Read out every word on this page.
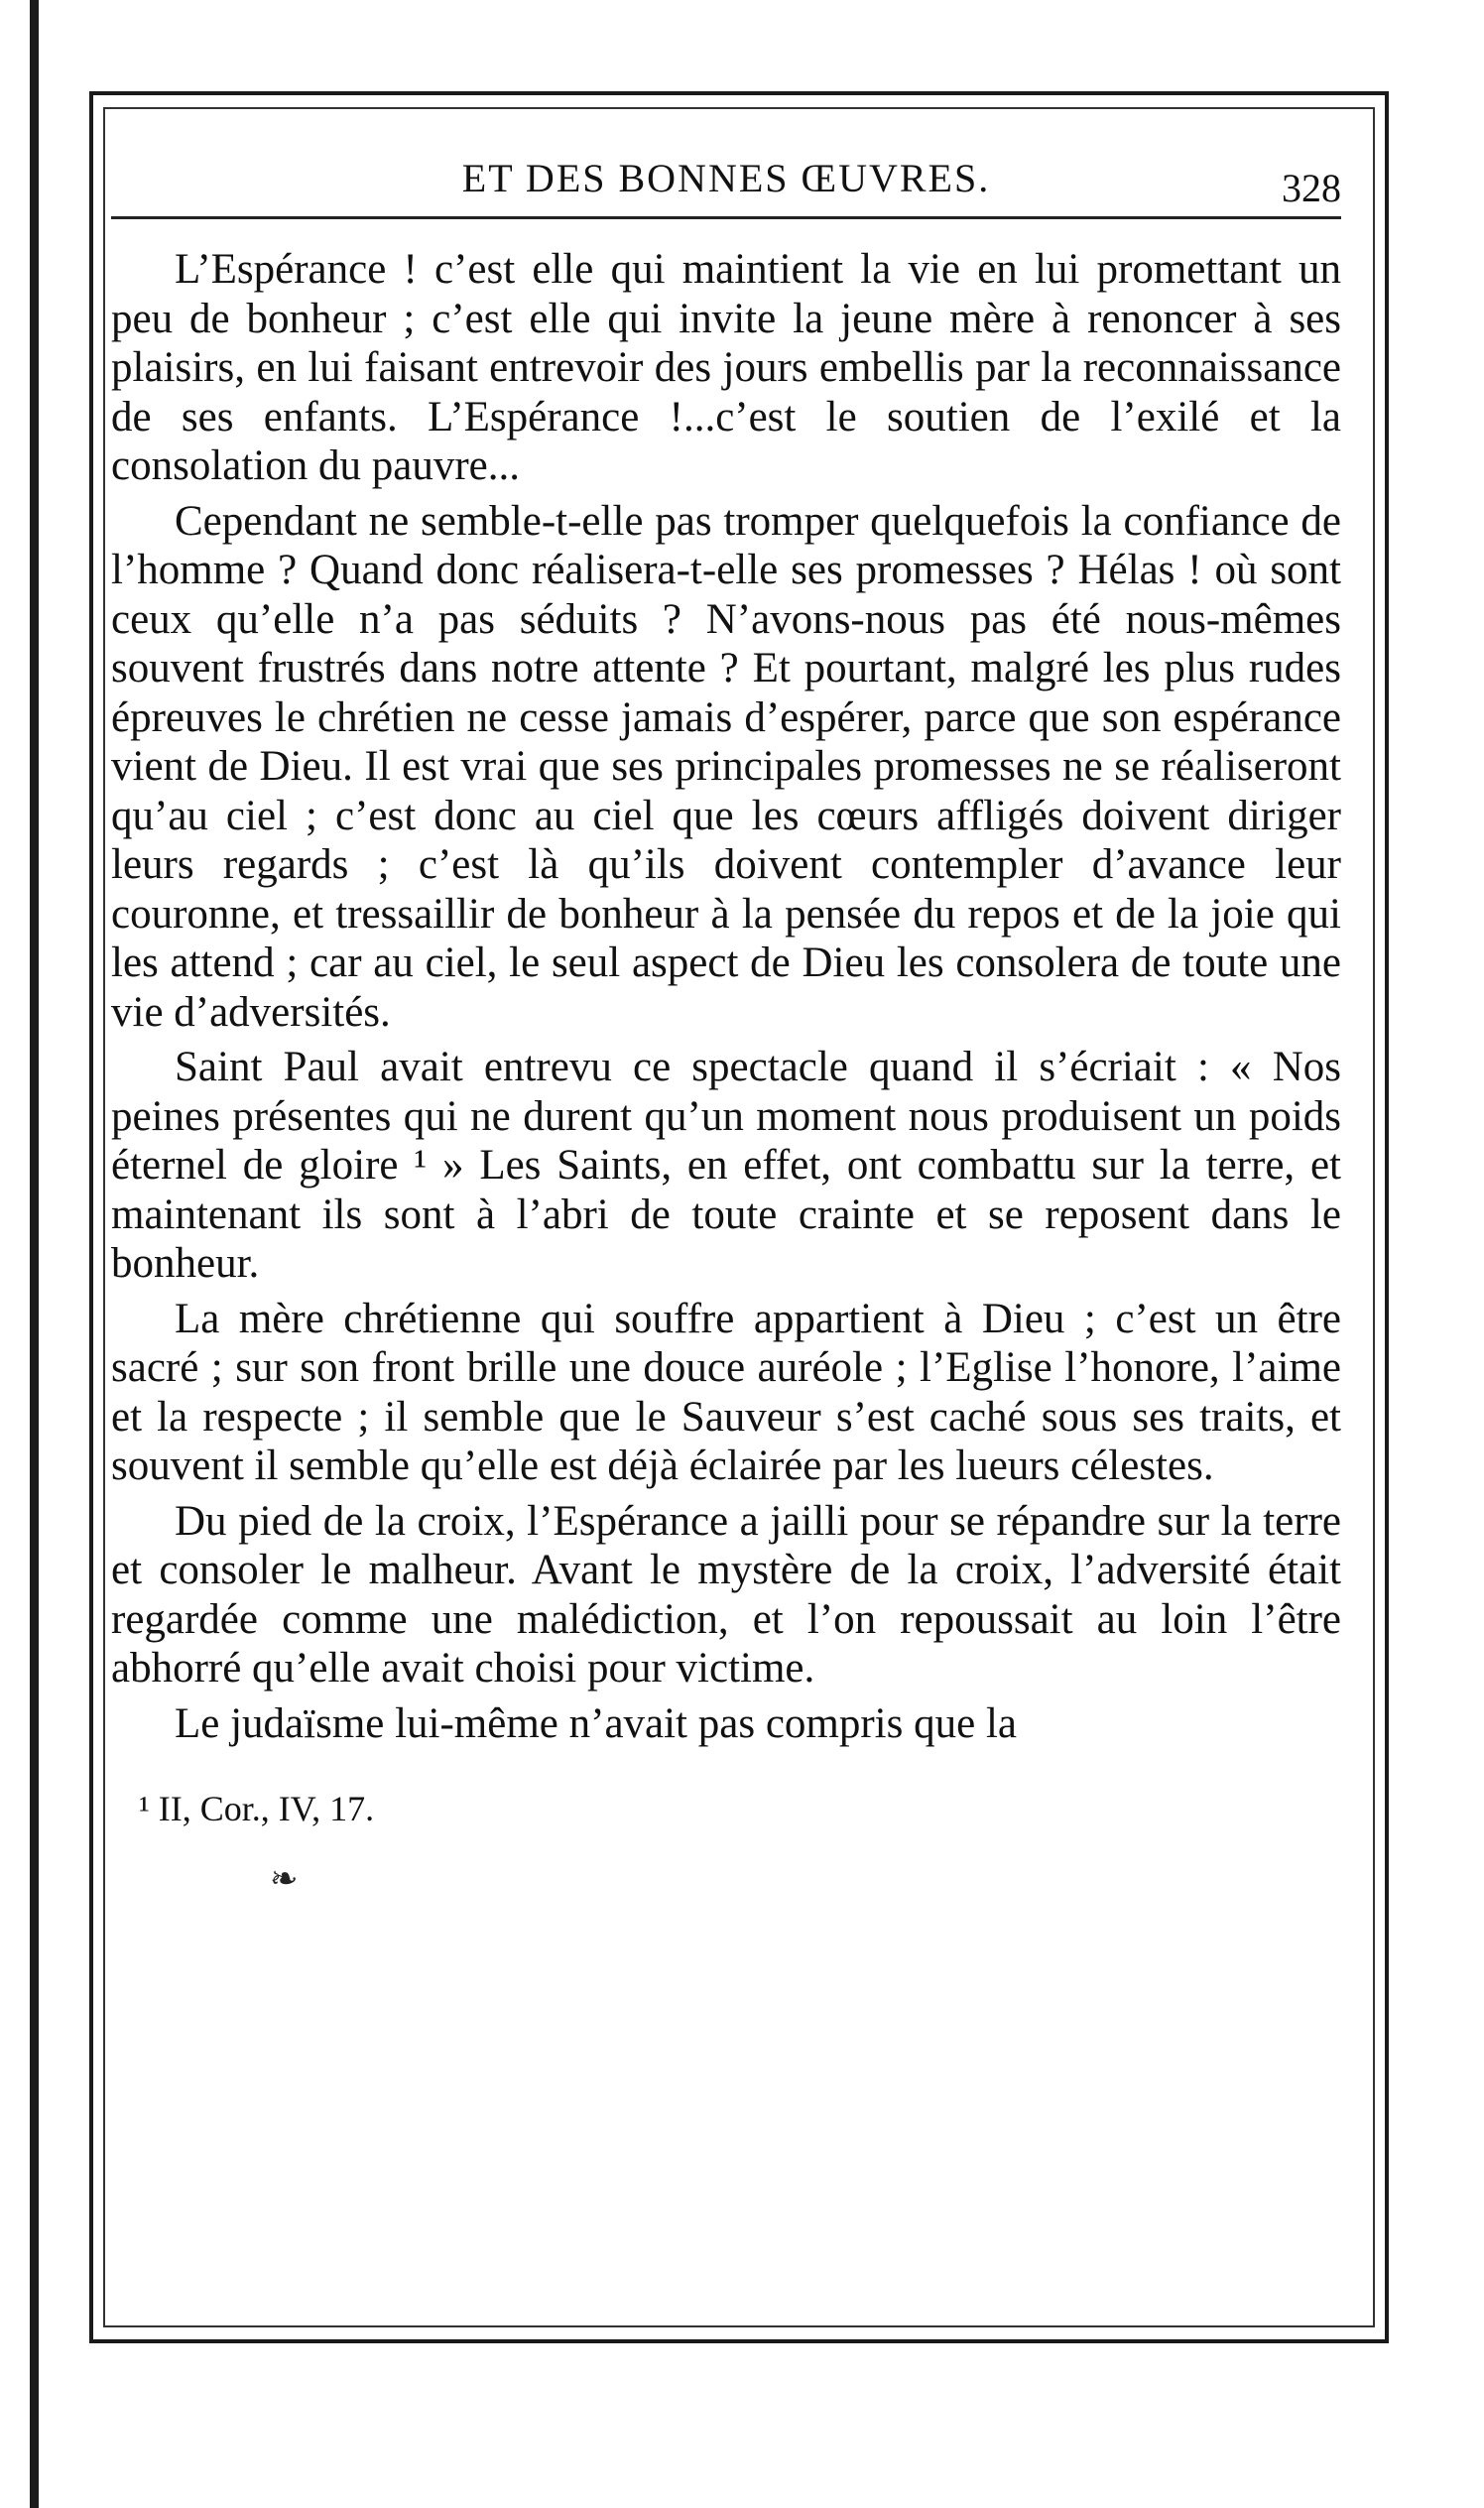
ET DES BONNES ŒUVRES.	328

L’Espérance ! c’est elle qui maintient la vie en lui promettant un peu de bonheur ; c’est elle qui invite la jeune mère à renoncer à ses plaisirs, en lui faisant entrevoir des jours embellis par la reconnaissance de ses enfants. L’Espérance !...c’est le soutien de l’exilé et la consolation du pauvre...

Cependant ne semble-t-elle pas tromper quelquefois la confiance de l’homme ? Quand donc réalisera-t-elle ses promesses ? Hélas ! où sont ceux qu’elle n’a pas séduits ? N’avons-nous pas été nous-mêmes souvent frustrés dans notre attente ? Et pourtant, malgré les plus rudes épreuves le chrétien ne cesse jamais d’espérer, parce que son espérance vient de Dieu. Il est vrai que ses principales promesses ne se réaliseront qu’au ciel ; c’est donc au ciel que les cœurs affligés doivent diriger leurs regards ; c’est là qu’ils doivent contempler d’avance leur couronne, et tressaillir de bonheur à la pensée du repos et de la joie qui les attend ; car au ciel, le seul aspect de Dieu les consolera de toute une vie d’adversités.

Saint Paul avait entrevu ce spectacle quand il s’écriait : « Nos peines présentes qui ne durent qu’un moment nous produisent un poids éternel de gloire ¹ » Les Saints, en effet, ont combattu sur la terre, et maintenant ils sont à l’abri de toute crainte et se reposent dans le bonheur.

La mère chrétienne qui souffre appartient à Dieu ; c’est un être sacré ; sur son front brille une douce auréole ; l’Eglise l’honore, l’aime et la respecte ; il semble que le Sauveur s’est caché sous ses traits, et souvent il semble qu’elle est déjà éclairée par les lueurs célestes.

Du pied de la croix, l’Espérance a jailli pour se répandre sur la terre et consoler le malheur. Avant le mystère de la croix, l’adversité était regardée comme une malédiction, et l’on repoussait au loin l’être abhorré qu’elle avait choisi pour victime.

Le judaïsme lui-même n’avait pas compris que la

¹ II, Cor., IV, 17.
❧
